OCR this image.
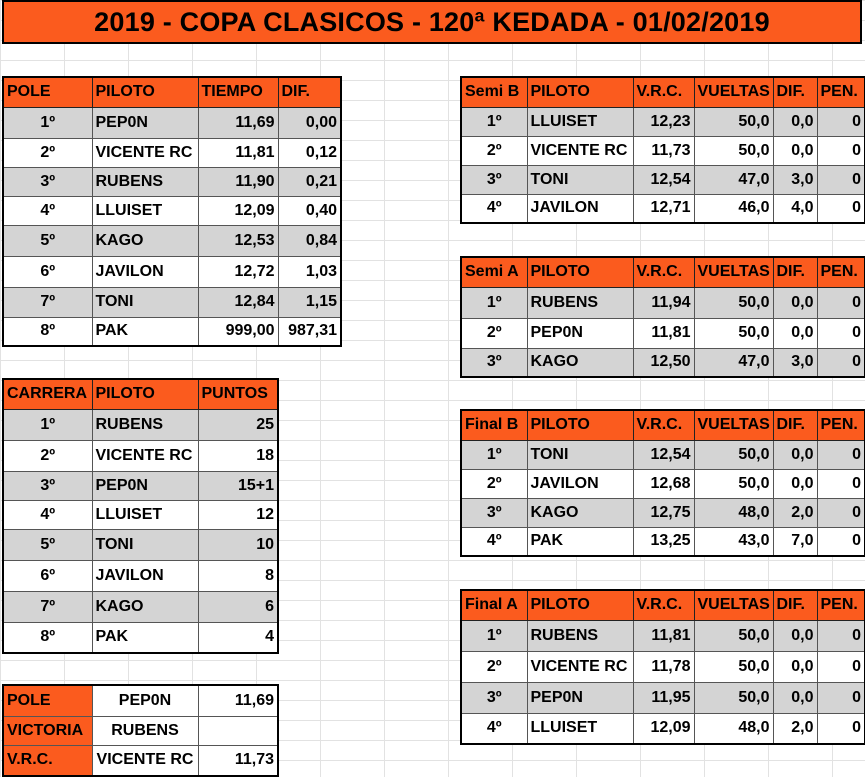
2019 - COPA CLASICOS - 120ª KEDADA - 01/02/2019
POLE	PILOTO	TIEMPO	DIF.
1º	PEP0N	11,69	0,00
2º	VICENTE RC	11,81	0,12
3º	RUBENS	11,90	0,21
4º	LLUISET	12,09	0,40
5º	KAGO	12,53	0,84
6º	JAVILON	12,72	1,03
7º	TONI	12,84	1,15
8º	PAK	999,00	987,31
CARRERA	PILOTO	PUNTOS
1º	RUBENS	25
2º	VICENTE RC	18
3º	PEP0N	15+1
4º	LLUISET	12
5º	TONI	10
6º	JAVILON	8
7º	KAGO	6
8º	PAK	4
POLE	PEP0N	11,69
VICTORIA	RUBENS	
V.R.C.	VICENTE RC	11,73
Semi B	PILOTO	V.R.C.	VUELTAS	DIF.	PEN.
1º	LLUISET	12,23	50,0	0,0	0
2º	VICENTE RC	11,73	50,0	0,0	0
3º	TONI	12,54	47,0	3,0	0
4º	JAVILON	12,71	46,0	4,0	0
Semi A	PILOTO	V.R.C.	VUELTAS	DIF.	PEN.
1º	RUBENS	11,94	50,0	0,0	0
2º	PEP0N	11,81	50,0	0,0	0
3º	KAGO	12,50	47,0	3,0	0
Final B	PILOTO	V.R.C.	VUELTAS	DIF.	PEN.
1º	TONI	12,54	50,0	0,0	0
2º	JAVILON	12,68	50,0	0,0	0
3º	KAGO	12,75	48,0	2,0	0
4º	PAK	13,25	43,0	7,0	0
Final A	PILOTO	V.R.C.	VUELTAS	DIF.	PEN.
1º	RUBENS	11,81	50,0	0,0	0
2º	VICENTE RC	11,78	50,0	0,0	0
3º	PEP0N	11,95	50,0	0,0	0
4º	LLUISET	12,09	48,0	2,0	0
